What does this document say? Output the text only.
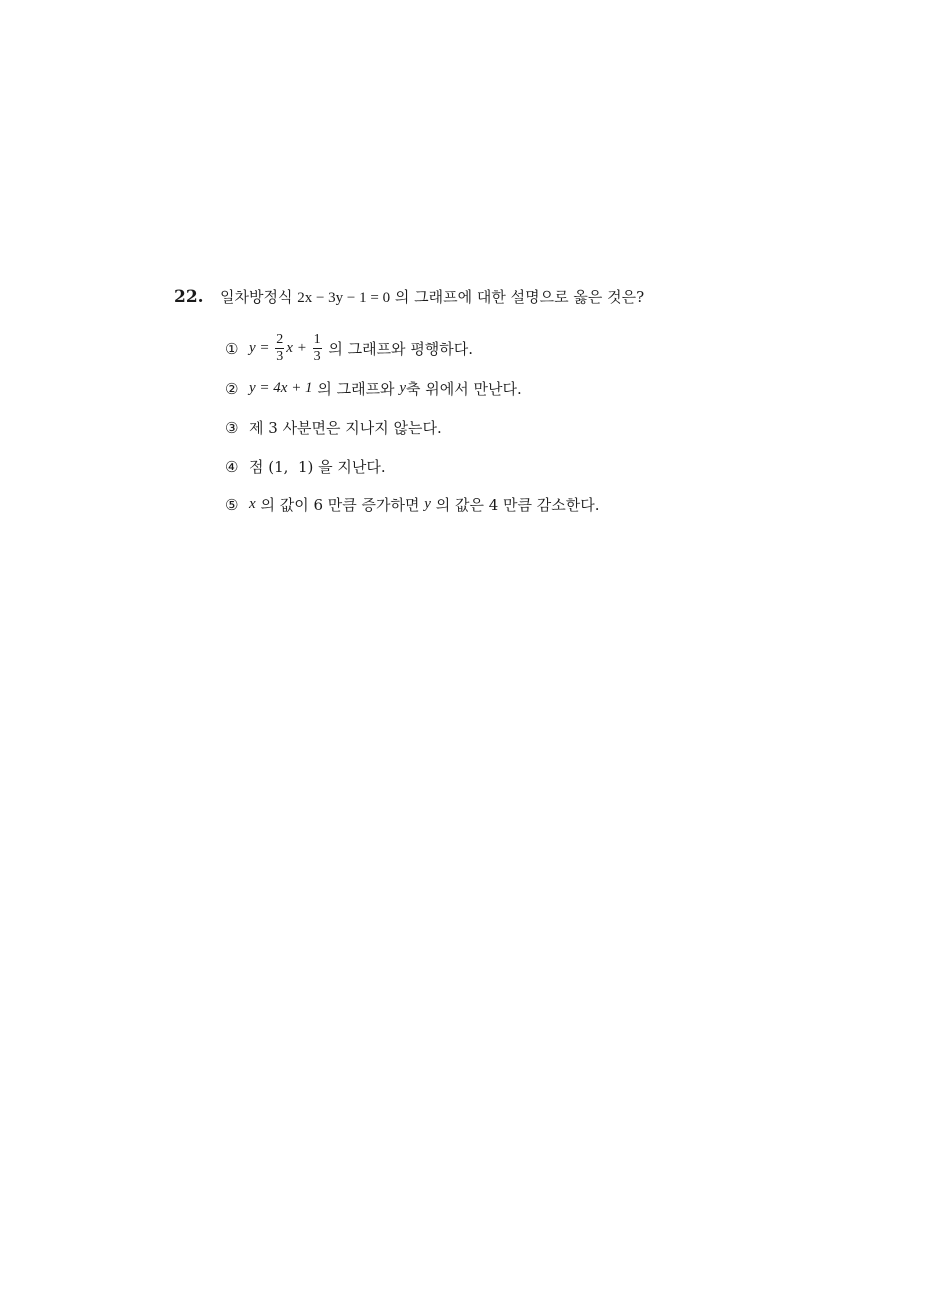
22.	일차방정식 2x − 3y − 1 = 0 의 그래프에 대한 설명으로 옳은 것은?
① $y = \frac{2}{3}$ $x + \frac{1}{3}$ 의 그래프와 평행하다.
② y = 4x + 1 의 그래프와 y 축 위에서 만난다.
③ 제 3 사분면은 지나지 않는다.
④ 점 (1,  1) 을 지난다.
⑤ x 의 값이 6 만큼 증가하면 y 의 값은 4 만큼 감소한다.
